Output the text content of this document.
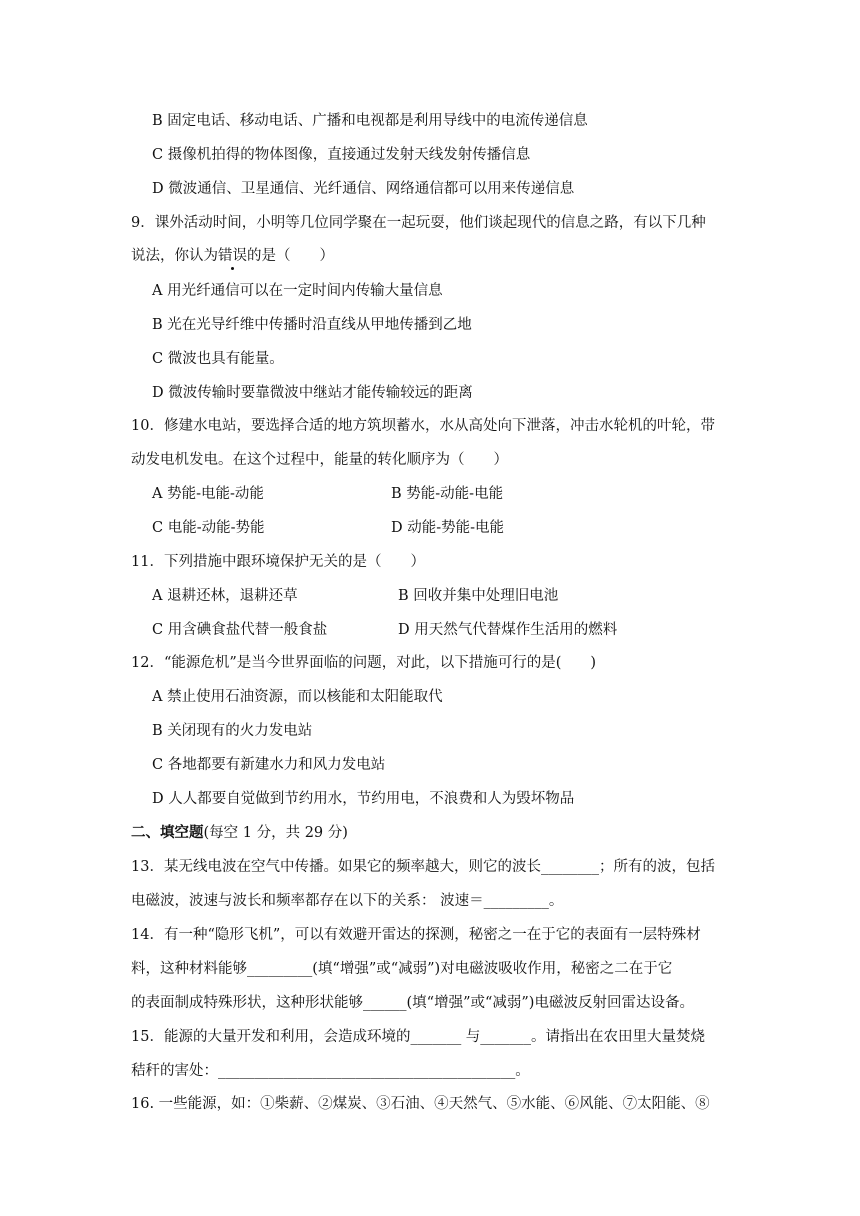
B 固定电话、移动电话、广播和电视都是利用导线中的电流传递信息
C 摄像机拍得的物体图像，直接通过发射天线发射传播信息
D 微波通信、卫星通信、光纤通信、网络通信都可以用来传递信息
9．课外活动时间，小明等几位同学聚在一起玩耍，他们谈起现代的信息之路，有以下几种
说法，你认为错误的是（　　）
A 用光纤通信可以在一定时间内传输大量信息
B 光在光导纤维中传播时沿直线从甲地传播到乙地
C 微波也具有能量。
D 微波传输时要靠微波中继站才能传输较远的距离
10．修建水电站，要选择合适的地方筑坝蓄水，水从高处向下泄落，冲击水轮机的叶轮，带
动发电机发电。在这个过程中，能量的转化顺序为（　　）
A 势能-电能-动能	B 势能-动能-电能
C 电能-动能-势能	D 动能-势能-电能
11．下列措施中跟环境保护无关的是（　　）
A 退耕还林，退耕还草	B 回收并集中处理旧电池
C 用含碘食盐代替一般食盐	D 用天然气代替煤作生活用的燃料
12．“能源危机”是当今世界面临的问题，对此，以下措施可行的是(　　)
A 禁止使用石油资源，而以核能和太阳能取代
B 关闭现有的火力发电站
C 各地都要有新建水力和风力发电站
D 人人都要自觉做到节约用水，节约用电，不浪费和人为毁坏物品
二、填空题(每空 1 分，共 29 分)
13．某无线电波在空气中传播。如果它的频率越大，则它的波长________；所有的波，包括
电磁波，波速与波长和频率都存在以下的关系： 波速＝_________。
14．有一种“隐形飞机”，可以有效避开雷达的探测，秘密之一在于它的表面有一层特殊材
料，这种材料能够_________(填“增强”或“减弱”)对电磁波吸收作用，秘密之二在于它
的表面制成特殊形状，这种形状能够______(填“增强”或“减弱”)电磁波反射回雷达设备。
15．能源的大量开发和利用，会造成环境的_______ 与_______。请指出在农田里大量焚烧
秸秆的害处：_________________________________________。
16. 一些能源，如：①柴薪、②煤炭、③石油、④天然气、⑤水能、⑥风能、⑦太阳能、⑧
